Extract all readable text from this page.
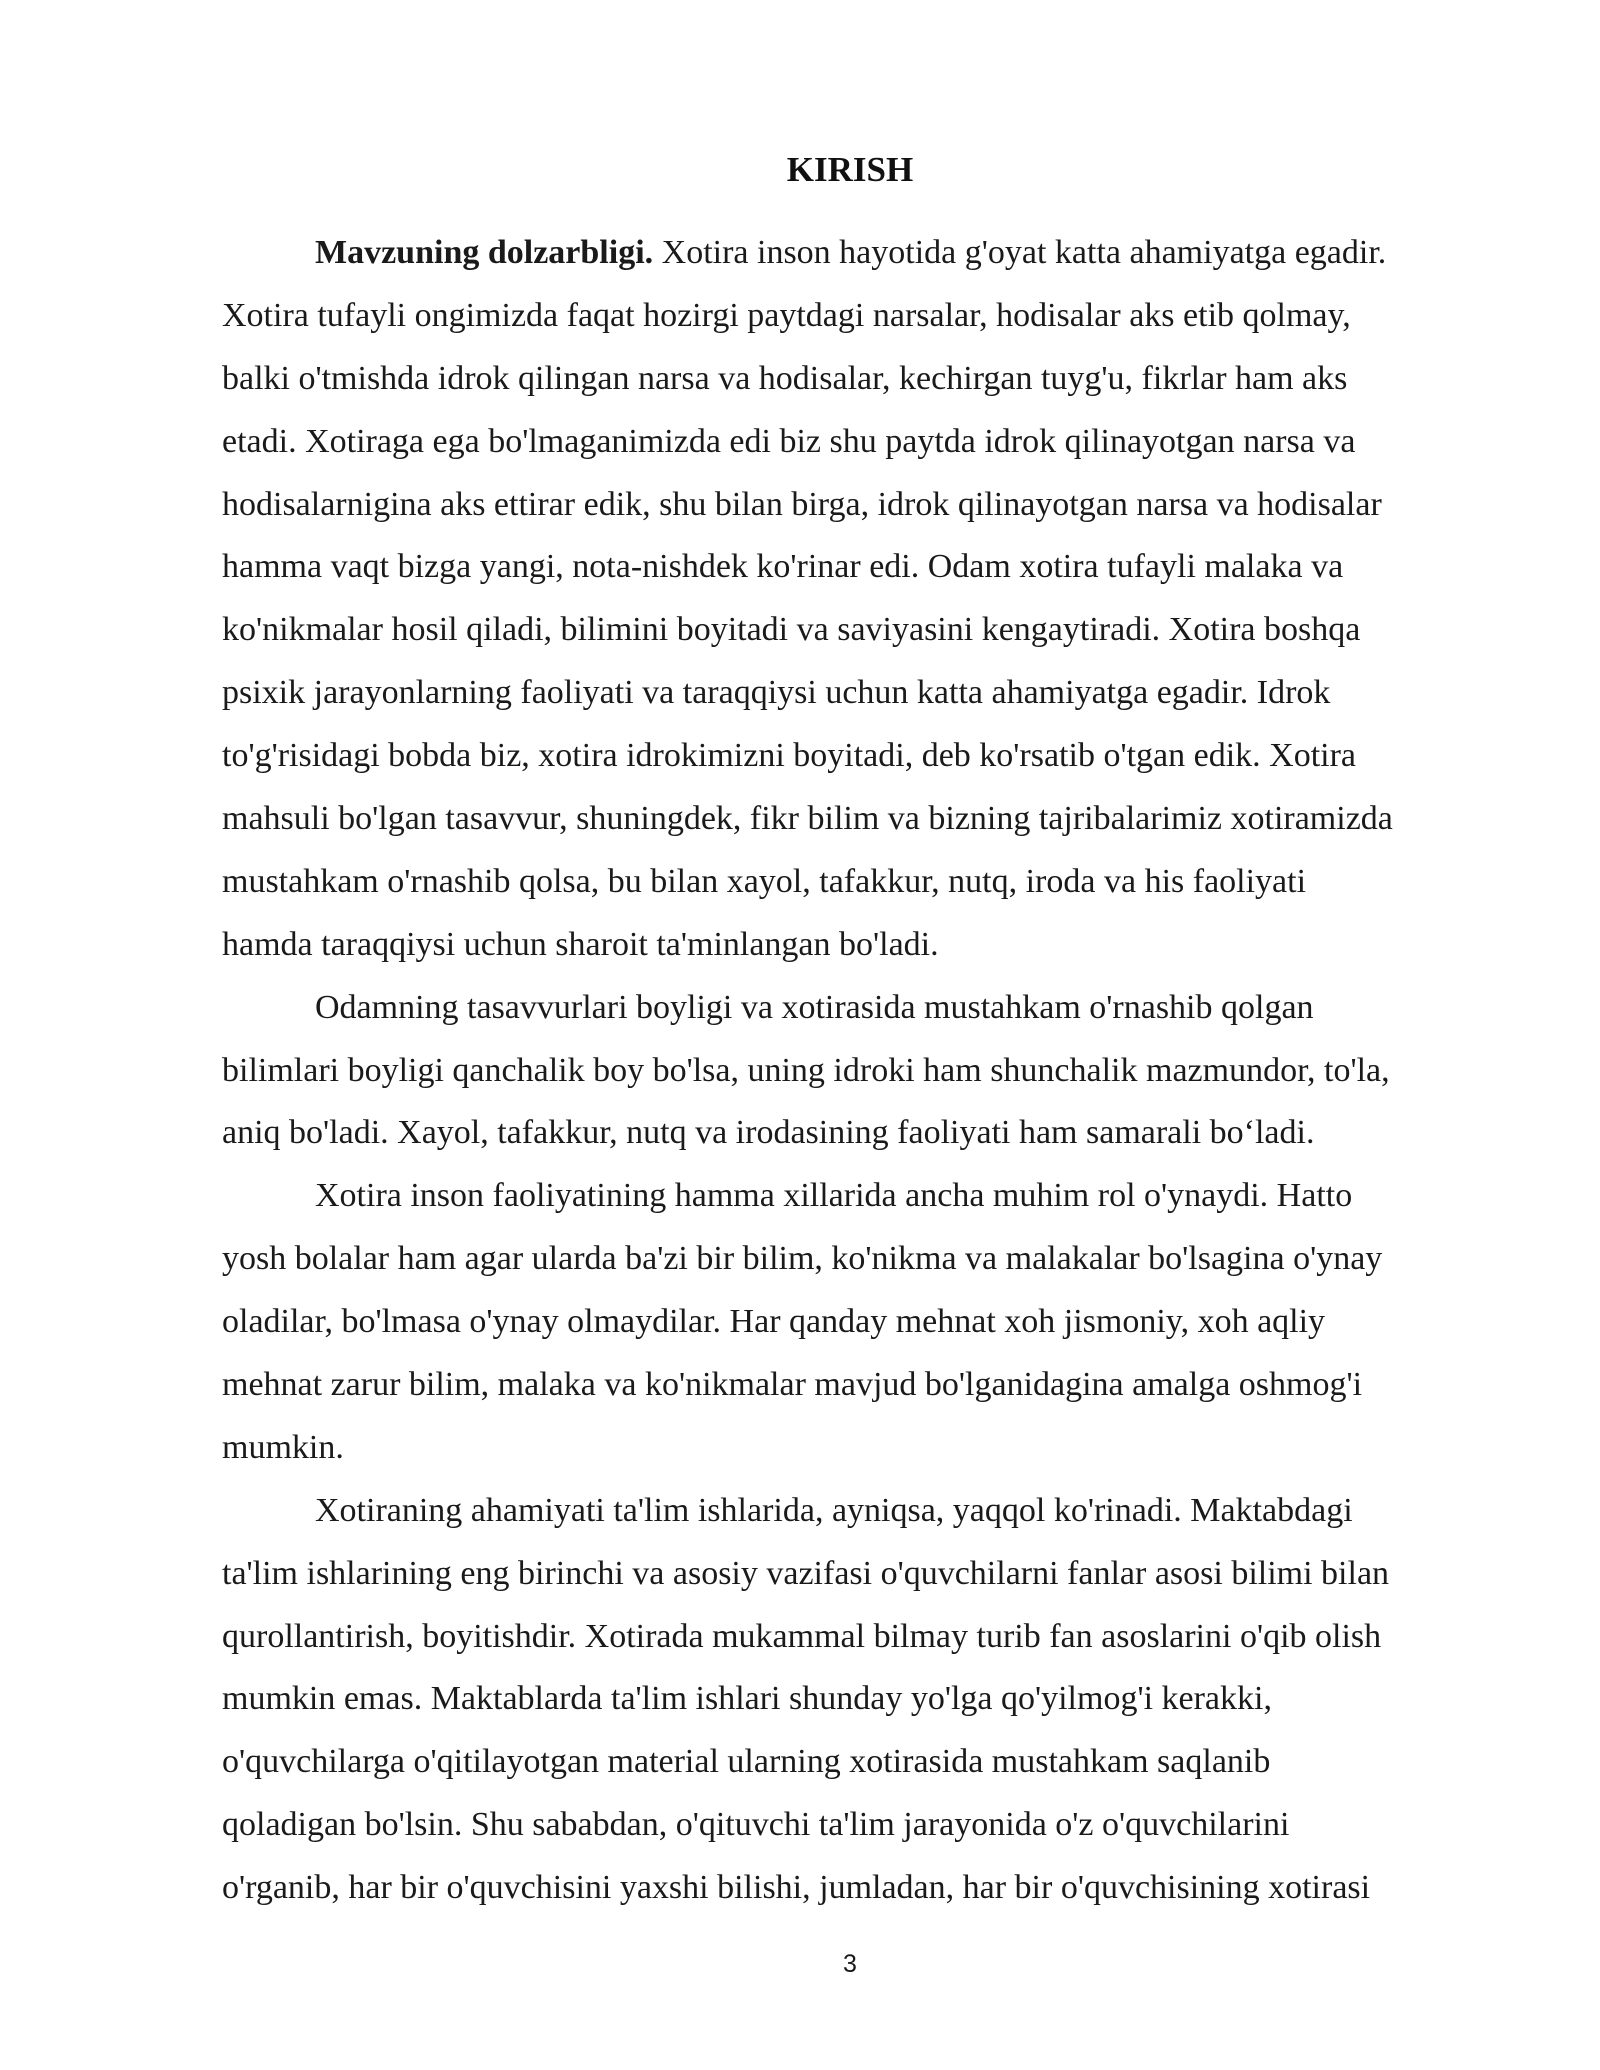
KIRISH
Mavzuning dolzarbligi. Xotira inson hayotida g'oyat katta ahamiyatga egadir.
Xotira tufayli ongimizda faqat hozirgi paytdagi narsalar, hodisalar aks etib qolmay,
balki o'tmishda idrok qilingan narsa va hodisalar, kechirgan tuyg'u, fikrlar ham aks
etadi. Xotiraga ega bo'lmaganimizda edi biz shu paytda idrok qilinayotgan narsa va
hodisalarnigina aks ettirar edik, shu bilan birga, idrok qilinayotgan narsa va hodisalar
hamma vaqt bizga yangi, nota-nishdek ko'rinar edi. Odam xotira tufayli malaka va
ko'nikmalar hosil qiladi, bilimini boyitadi va saviyasini kengaytiradi. Xotira boshqa
psixik jarayonlarning faoliyati va taraqqiysi uchun katta ahamiyatga egadir. Idrok
to'g'risidagi bobda biz, xotira idrokimizni boyitadi, deb ko'rsatib o'tgan edik. Xotira
mahsuli bo'lgan tasavvur, shuningdek, fikr bilim va bizning tajribalarimiz xotiramizda
mustahkam o'rnashib qolsa, bu bilan xayol, tafakkur, nutq, iroda va his faoliyati
hamda taraqqiysi uchun sharoit ta'minlangan bo'ladi.
Odamning tasavvurlari boyligi va xotirasida mustahkam o'rnashib qolgan
bilimlari boyligi qanchalik boy bo'lsa, uning idroki ham shunchalik mazmundor, to'la,
aniq bo'ladi. Xayol, tafakkur, nutq va irodasining faoliyati ham samarali bo‘ladi.
Xotira inson faoliyatining hamma xillarida ancha muhim rol o'ynaydi. Hatto
yosh bolalar ham agar ularda ba'zi bir bilim, ko'nikma va malakalar bo'lsagina o'ynay
oladilar, bo'lmasa o'ynay olmaydilar. Har qanday mehnat xoh jismoniy, xoh aqliy
mehnat zarur bilim, malaka va ko'nikmalar mavjud bo'lganidagina amalga oshmog'i
mumkin.
Xotiraning ahamiyati ta'lim ishlarida, ayniqsa, yaqqol ko'rinadi. Maktabdagi
ta'lim ishlarining eng birinchi va asosiy vazifasi o'quvchilarni fanlar asosi bilimi bilan
qurollantirish, boyitishdir. Xotirada mukammal bilmay turib fan asoslarini o'qib olish
mumkin emas. Maktablarda ta'lim ishlari shunday yo'lga qo'yilmog'i kerakki,
o'quvchilarga o'qitilayotgan material ularning xotirasida mustahkam saqlanib
qoladigan bo'lsin. Shu sababdan, o'qituvchi ta'lim jarayonida o'z o'quvchilarini
o'rganib, har bir o'quvchisini yaxshi bilishi, jumladan, har bir o'quvchisining xotirasi
3
